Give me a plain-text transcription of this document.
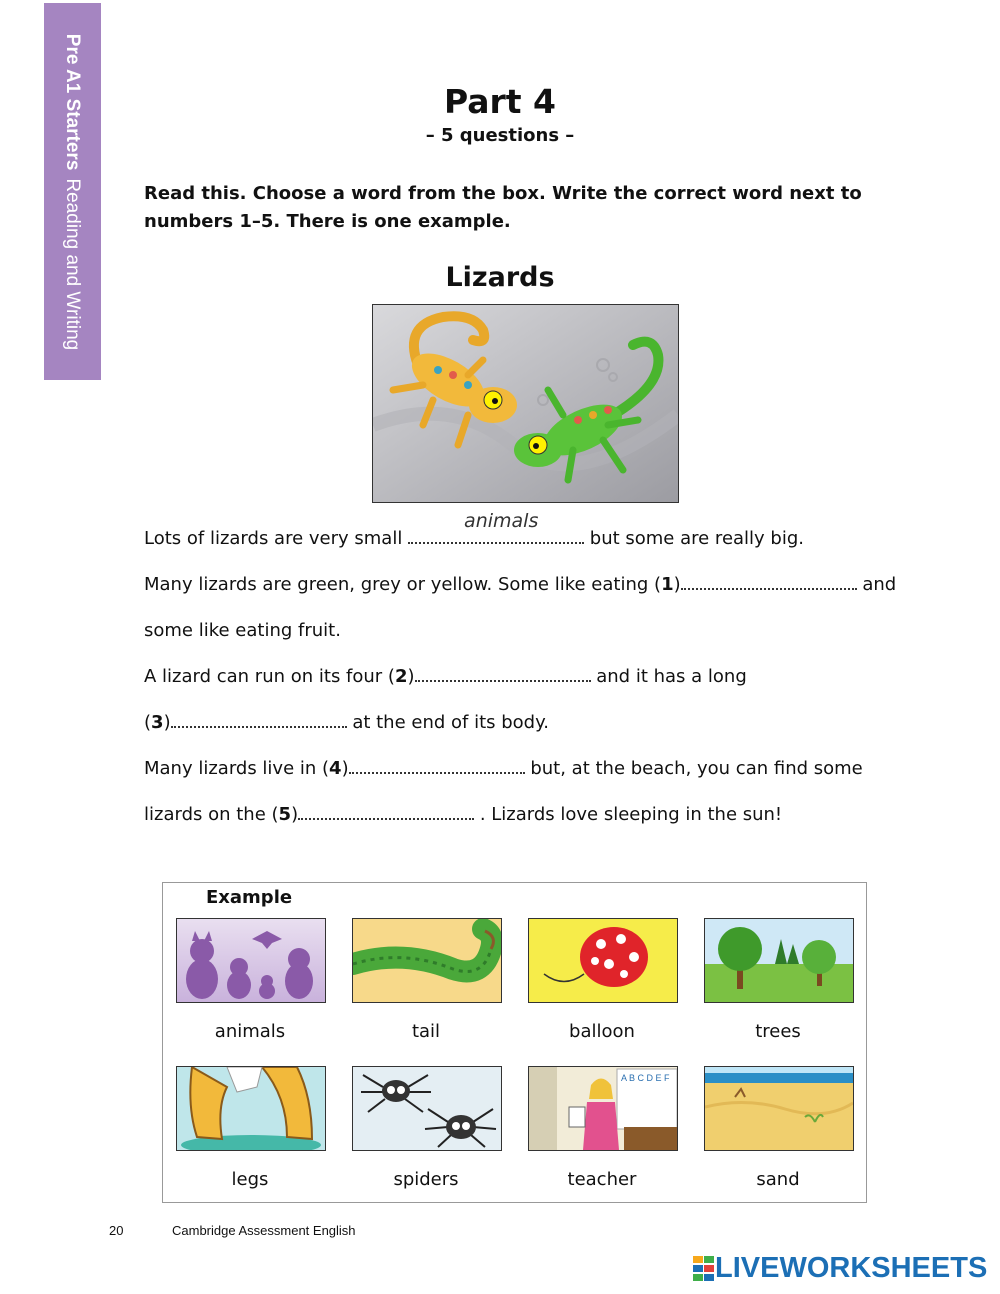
Pre A1 StartersReading and Writing
Part 4
– 5 questions –
Read this. Choose a word from the box. Write the correct word next to numbers 1–5. There is one example.
Lizards
Lots of lizards are very small
animals
but some are really big.
Many lizards are green, grey or yellow. Some like eating (1)	and
some like eating fruit.
A lizard can run on its four (2)	and it has a long
(3)	at the end of its body.
Many lizards live in (4)	but, at the beach, you can find some
lizards on the (5)	. Lizards love sleeping in the sun!
Example
animals	tail	balloon	trees
A B C D E F
legs	spiders	teacher	sand
20	Cambridge Assessment English
LIVEWORKSHEETS
